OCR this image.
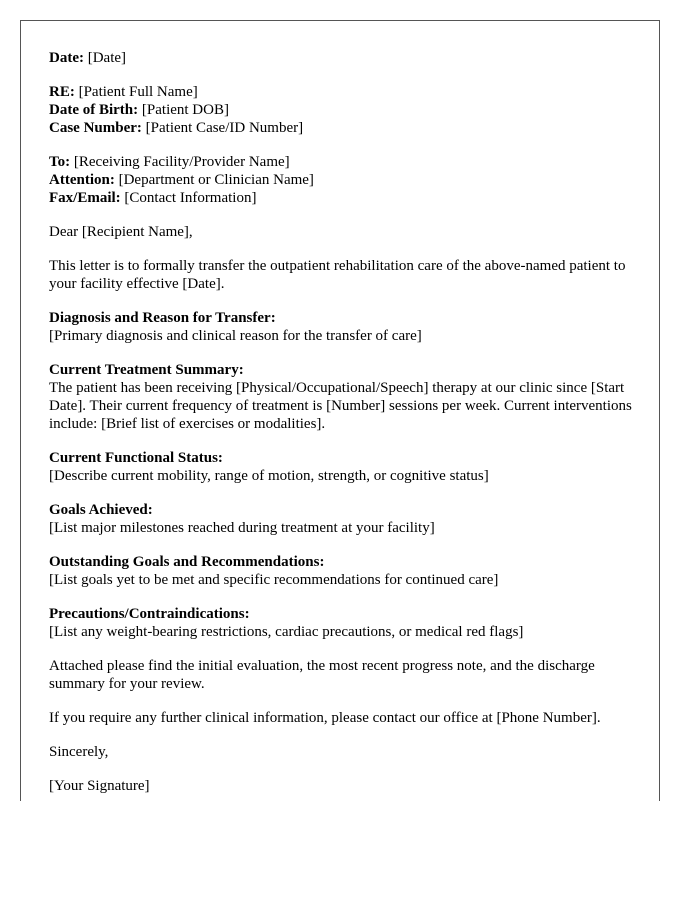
Date: [Date]
RE: [Patient Full Name]
Date of Birth: [Patient DOB]
Case Number: [Patient Case/ID Number]
To: [Receiving Facility/Provider Name]
Attention: [Department or Clinician Name]
Fax/Email: [Contact Information]

Dear [Recipient Name],

This letter is to formally transfer the outpatient rehabilitation care of the above-named patient to your facility effective [Date].

Diagnosis and Reason for Transfer:
[Primary diagnosis and clinical reason for the transfer of care]
Current Treatment Summary:
The patient has been receiving [Physical/Occupational/Speech] therapy at our clinic since [Start Date]. Their current frequency of treatment is [Number] sessions per week. Current interventions include: [Brief list of exercises or modalities].
Current Functional Status:
[Describe current mobility, range of motion, strength, or cognitive status]
Goals Achieved:
[List major milestones reached during treatment at your facility]
Outstanding Goals and Recommendations:
[List goals yet to be met and specific recommendations for continued care]
Precautions/Contraindications:
[List any weight-bearing restrictions, cardiac precautions, or medical red flags]

Attached please find the initial evaluation, the most recent progress note, and the discharge summary for your review.

If you require any further clinical information, please contact our office at [Phone Number].

Sincerely,

[Your Signature]
